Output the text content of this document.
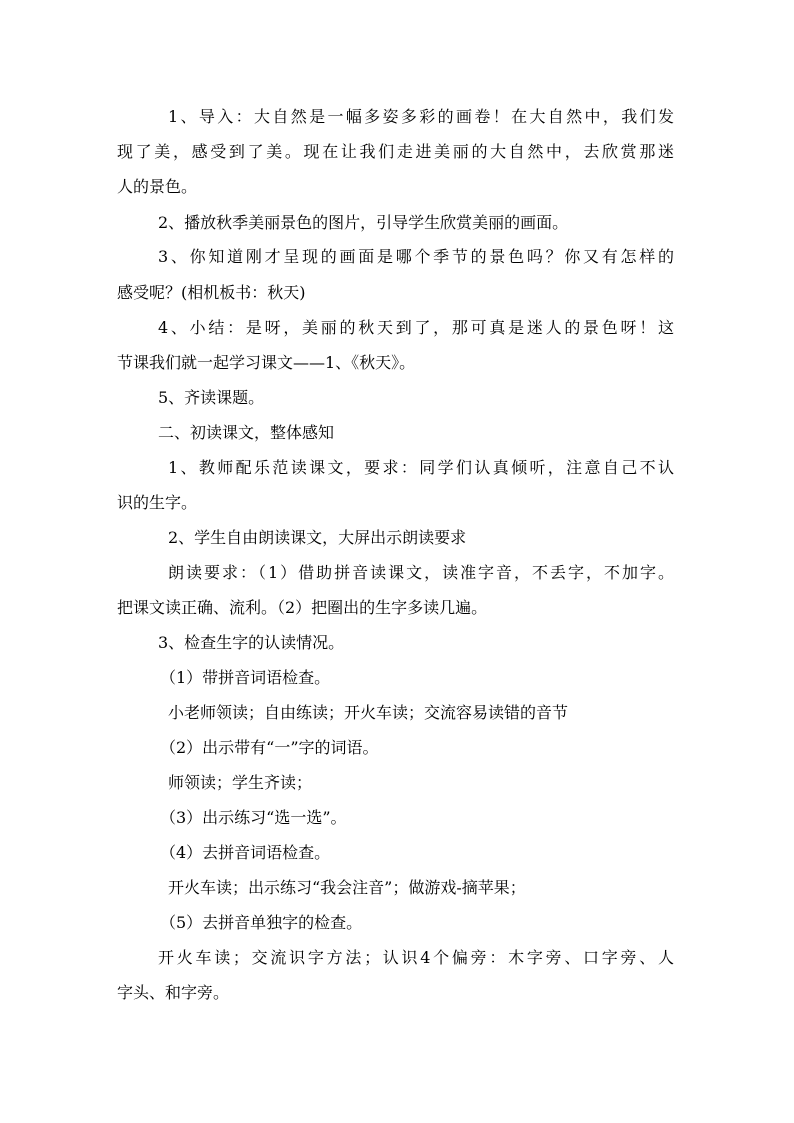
1、导入：大自然是一幅多姿多彩的画卷！在大自然中，我们发
现了美，感受到了美。现在让我们走进美丽的大自然中，去欣赏那迷
人的景色。
2、播放秋季美丽景色的图片，引导学生欣赏美丽的画面。
3、你知道刚才呈现的画面是哪个季节的景色吗？你又有怎样的
感受呢？(相机板书：秋天)
4、小结：是呀，美丽的秋天到了，那可真是迷人的景色呀！这
节课我们就一起学习课文——1、《秋天》。
5、齐读课题。
二、初读课文，整体感知
1、教师配乐范读课文，要求：同学们认真倾听，注意自己不认
识的生字。
2、学生自由朗读课文，大屏出示朗读要求
朗读要求：（1）借助拼音读课文，读准字音，不丢字，不加字。
把课文读正确、流利。（2）把圈出的生字多读几遍。
3、检查生字的认读情况。
（1）带拼音词语检查。
小老师领读；自由练读；开火车读；交流容易读错的音节
（2）出示带有“一”字的词语。
师领读；学生齐读；
（3）出示练习“选一选”。
（4）去拼音词语检查。
开火车读；出示练习“我会注音”；做游戏-摘苹果；
（5）去拼音单独字的检查。
开火车读；交流识字方法；认识4个偏旁：木字旁、口字旁、人
字头、和字旁。
